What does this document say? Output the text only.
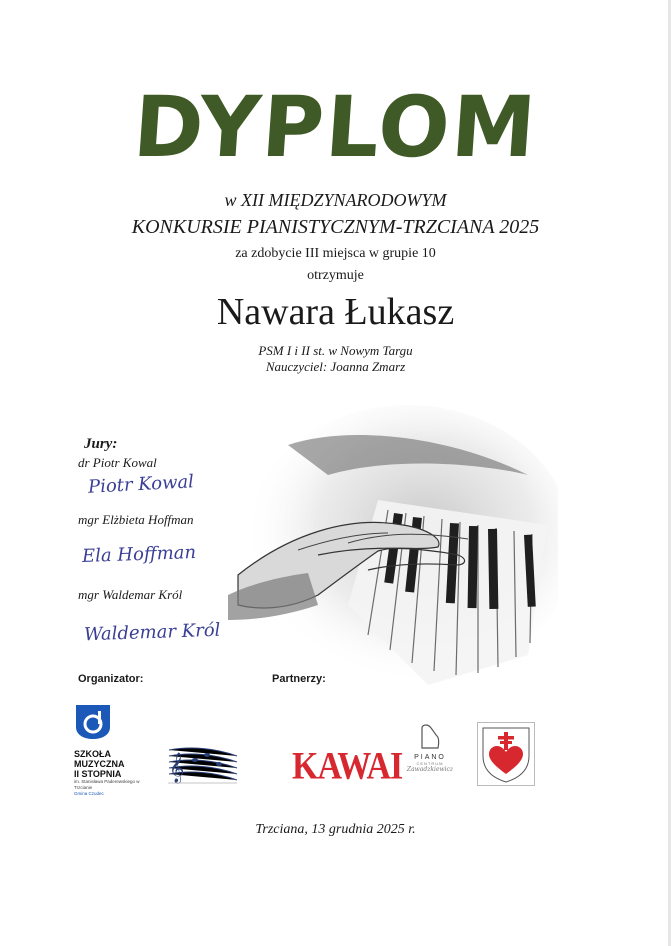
DYPLOM
w XII MIĘDZYNARODOWYM
KONKURSIE PIANISTYCZNYM-TRZCIANA 2025
za zdobycie III miejsca w grupie 10
otrzymuje
Nawara Łukasz
PSM I i II st. w Nowym Targu
Nauczyciel: Joanna Zmarz
Jury:
dr Piotr Kowal
Piotr Kowal
mgr Elżbieta Hoffman
Ela Hoffman
mgr Waldemar Król
Waldemar Król
Organizator:	Partnerzy:
SZKOŁA
MUZYCZNA
II STOPNIA
im. Stanisława Paderewskiego w Trzcianie
Gmina Czudec
𝄞	KAWAI	PIANO
CENTRUM
Zawadzkiewicz
Trzciana, 13 grudnia 2025 r.
